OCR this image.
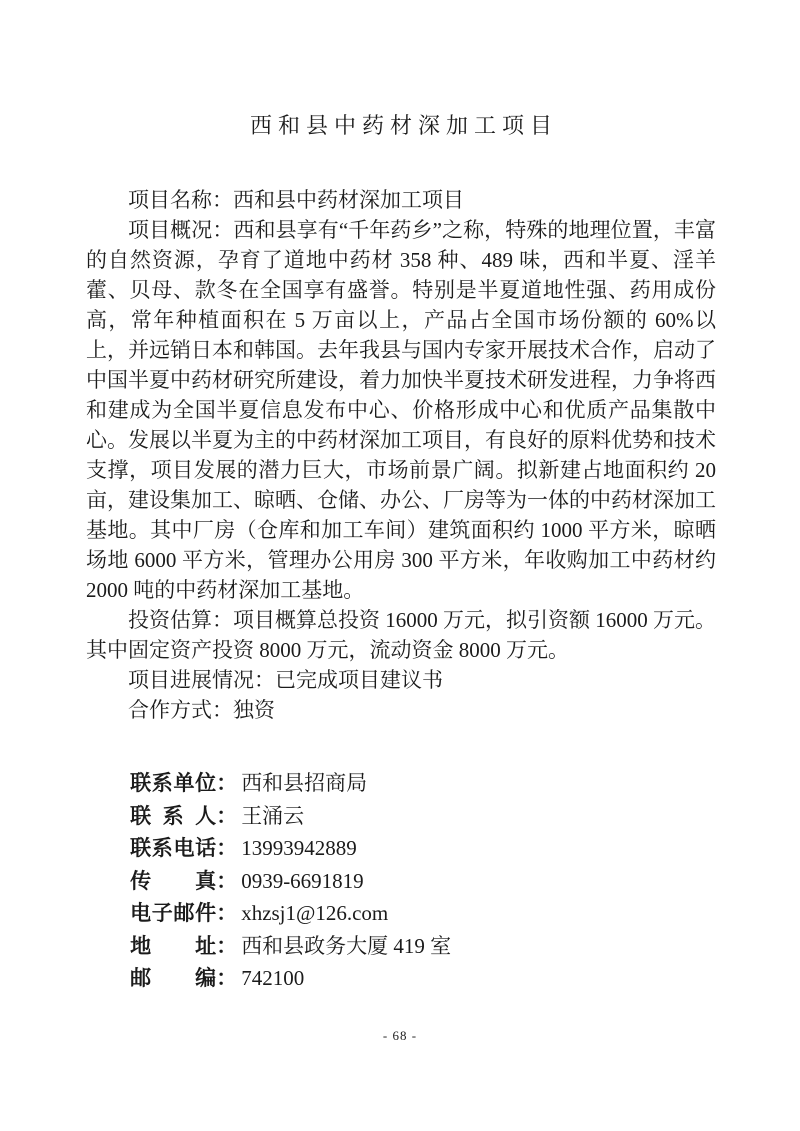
西和县中药材深加工项目

项目名称：西和县中药材深加工项目

项目概况：西和县享有“千年药乡”之称，特殊的地理位置，丰富的自然资源，孕育了道地中药材 358 种、489 味，西和半夏、淫羊藿、贝母、款冬在全国享有盛誉。特别是半夏道地性强、药用成份高，常年种植面积在 5 万亩以上，产品占全国市场份额的 60%以上，并远销日本和韩国。去年我县与国内专家开展技术合作，启动了中国半夏中药材研究所建设，着力加快半夏技术研发进程，力争将西和建成为全国半夏信息发布中心、价格形成中心和优质产品集散中心。发展以半夏为主的中药材深加工项目，有良好的原料优势和技术支撑，项目发展的潜力巨大，市场前景广阔。拟新建占地面积约 20 亩，建设集加工、晾晒、仓储、办公、厂房等为一体的中药材深加工基地。其中厂房（仓库和加工车间）建筑面积约 1000 平方米，晾晒场地 6000 平方米，管理办公用房 300 平方米，年收购加工中药材约 2000 吨的中药材深加工基地。

投资估算：项目概算总投资 16000 万元，拟引资额 16000 万元。其中固定资产投资 8000 万元，流动资金 8000 万元。

项目进展情况：已完成项目建议书

合作方式：独资

联系单位： 西和县招商局
联系人： 王涌云
联系电话： 13993942889
传真： 0939-6691819
电子邮件： xhzsj1@126.com
地址： 西和县政务大厦 419 室
邮编： 742100
- 68 -
